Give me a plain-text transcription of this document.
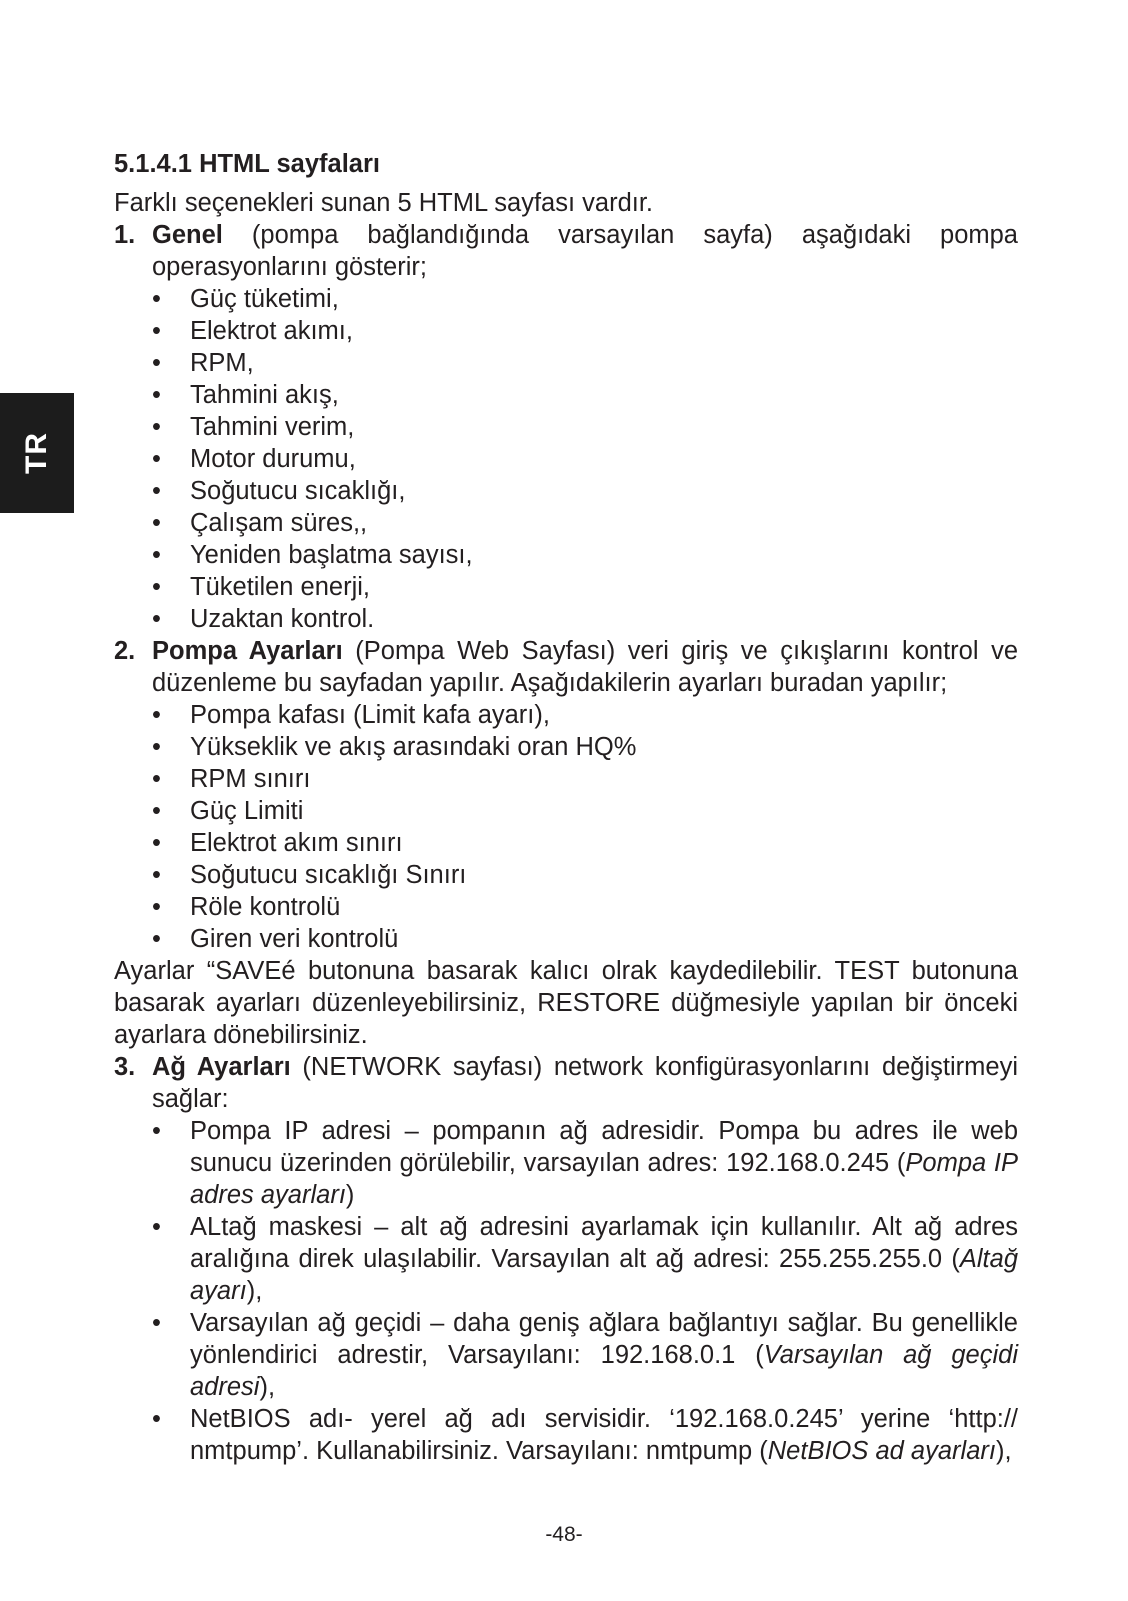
TR

5.1.4.1 HTML sayfaları

Farklı seçenekleri sunan 5 HTML sayfası vardır.

1. Genel (pompa bağlandığında varsayılan sayfa) aşağıdaki pompa operasyonlarını gösterir;
• Güç tüketimi,
• Elektrot akımı,
• RPM,
• Tahmini akış,
• Tahmini verim,
• Motor durumu,
• Soğutucu sıcaklığı,
• Çalışam süres,,
• Yeniden başlatma sayısı,
• Tüketilen enerji,
• Uzaktan kontrol.
2. Pompa Ayarları (Pompa Web Sayfası) veri giriş ve çıkışlarını kontrol ve düzenleme bu sayfadan yapılır. Aşağıdakilerin ayarları buradan yapılır;
• Pompa kafası (Limit kafa ayarı),
• Yükseklik ve akış arasındaki oran HQ%
• RPM sınırı
• Güç Limiti
• Elektrot akım sınırı
• Soğutucu sıcaklığı Sınırı
• Röle kontrolü
• Giren veri kontrolü

Ayarlar “SAVEé butonuna basarak kalıcı olrak kaydedilebilir. TEST butonuna basarak ayarları düzenleyebilirsiniz, RESTORE düğmesiyle yapılan bir önceki ayarlara dönebilirsiniz.

3. Ağ Ayarları (NETWORK sayfası) network konfigürasyonlarını değiştirmeyi sağlar:
• Pompa IP adresi – pompanın ağ adresidir. Pompa bu adres ile web sunucu üzerinden görülebilir, varsayılan adres: 192.168.0.245 (Pompa IP adres ayarları)
• ALtağ maskesi – alt ağ adresini ayarlamak için kullanılır. Alt ağ adres aralığına direk ulaşılabilir. Varsayılan alt ağ adresi: 255.255.255.0 (Altağ ayarı),
• Varsayılan ağ geçidi – daha geniş ağlara bağlantıyı sağlar. Bu genellikle yönlendirici adrestir, Varsayılanı: 192.168.0.1 (Varsayılan ağ geçidi adresi),
• NetBIOS adı- yerel ağ adı servisidir. ‘192.168.0.245’ yerine ‘http:// nmtpump’. Kullanabilirsiniz. Varsayılanı: nmtpump (NetBIOS ad ayarları),
-48-
